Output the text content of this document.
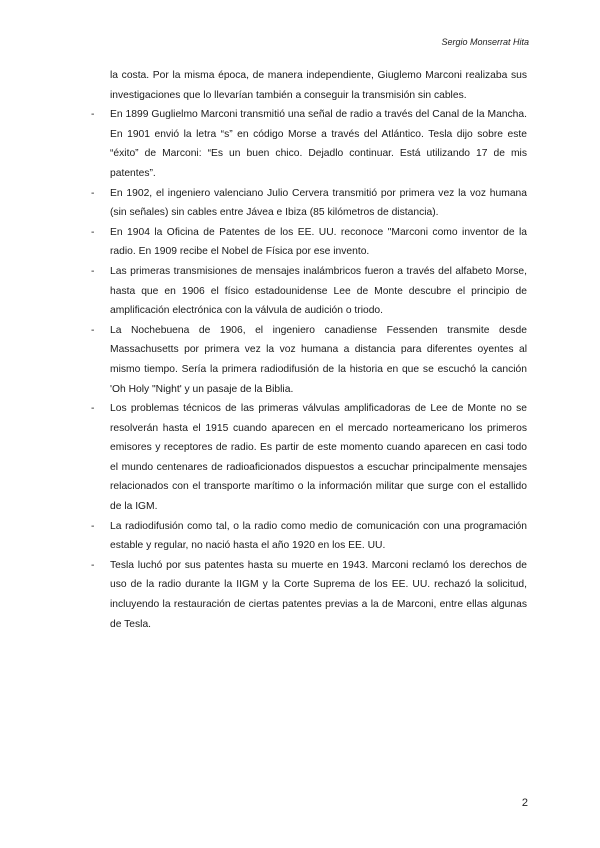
Sergio Monserrat Hita

la costa. Por la misma época, de manera independiente, Giuglemo Marconi realizaba sus investigaciones que lo llevarían también a conseguir la transmisión sin cables.

- En 1899 Guglielmo Marconi transmitió una señal de radio a través del Canal de la Mancha. En 1901 envió la letra “s” en código Morse a través del Atlántico. Tesla dijo sobre este “éxito” de Marconi: “Es un buen chico. Dejadlo continuar. Está utilizando 17 de mis patentes”.
- En 1902, el ingeniero valenciano Julio Cervera transmitió por primera vez la voz humana (sin señales) sin cables entre Jávea e Ibiza (85 kilómetros de distancia).
- En 1904 la Oficina de Patentes de los EE. UU. reconoce "Marconi como inventor de la radio. En 1909 recibe el Nobel de Física por ese invento.
- Las primeras transmisiones de mensajes inalámbricos fueron a través del alfabeto Morse, hasta que en 1906 el físico estadounidense Lee de Monte descubre el principio de amplificación electrónica con la válvula de audición o triodo.
- La Nochebuena de 1906, el ingeniero canadiense Fessenden transmite desde Massachusetts por primera vez la voz humana a distancia para diferentes oyentes al mismo tiempo. Sería la primera radiodifusión de la historia en que se escuchó la canción 'Oh Holy "Night' y un pasaje de la Biblia.
- Los problemas técnicos de las primeras válvulas amplificadoras de Lee de Monte no se resolverán hasta el 1915 cuando aparecen en el mercado norteamericano los primeros emisores y receptores de radio. Es partir de este momento cuando aparecen en casi todo el mundo centenares de radioaficionados dispuestos a escuchar principalmente mensajes relacionados con el transporte marítimo o la información militar que surge con el estallido de la IGM.
- La radiodifusión como tal, o la radio como medio de comunicación con una programación estable y regular, no nació hasta el año 1920 en los EE. UU.
- Tesla luchó por sus patentes hasta su muerte en 1943. Marconi reclamó los derechos de uso de la radio durante la IIGM y la Corte Suprema de los EE. UU. rechazó la solicitud, incluyendo la restauración de ciertas patentes previas a la de Marconi, entre ellas algunas de Tesla.
2
